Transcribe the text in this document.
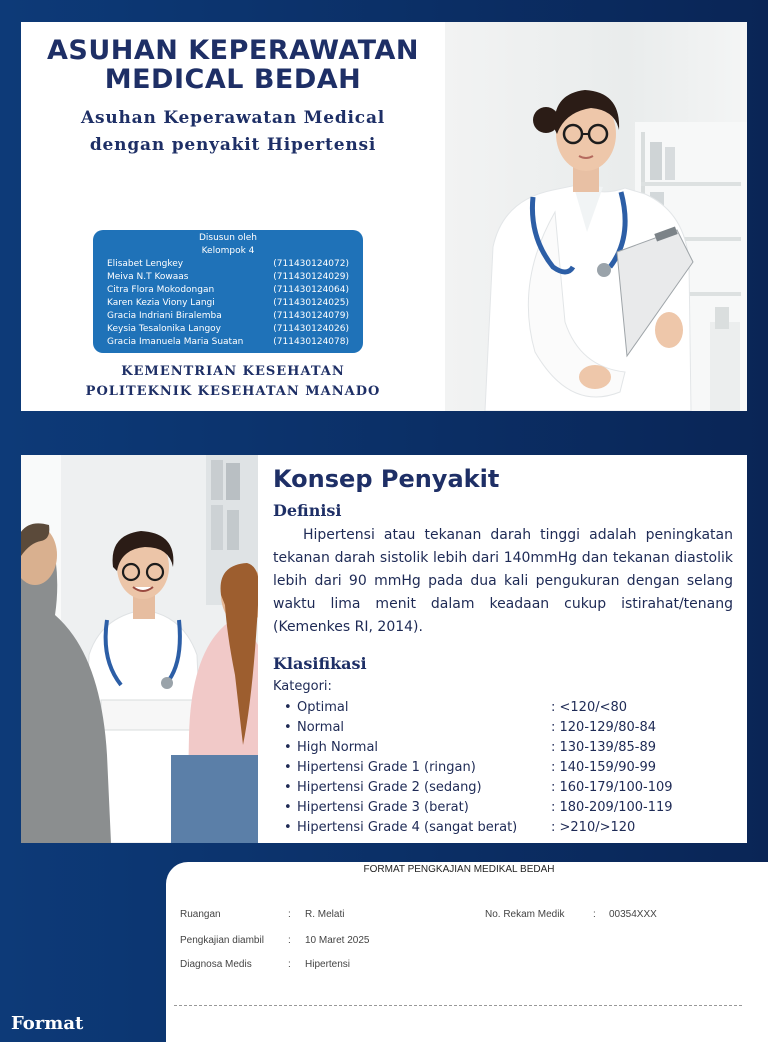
ASUHAN KEPERAWATAN
MEDICAL BEDAH

Asuhan Keperawatan Medical

dengan penyakit Hipertensi

Disusun oleh
Kelompok 4
Elisabet Lengkey	(711430124072)
Meiva N.T Kowaas	(711430124029)
Citra Flora Mokodongan	(711430124064)
Karen Kezia Viony Langi	(711430124025)
Gracia Indriani Biralemba	(711430124079)
Keysia Tesalonika Langoy	(711430124026)
Gracia Imanuela Maria Suatan	(711430124078)

KEMENTRIAN KESEHATAN

POLITEKNIK KESEHATAN MANADO

Konsep Penyakit
Definisi

Hipertensi atau tekanan darah tinggi adalah peningkatan tekanan darah sistolik lebih dari 140mmHg dan tekanan diastolik lebih dari 90 mmHg pada dua kali pengukuran dengan selang waktu lima menit dalam keadaan cukup istirahat/tenang (Kemenkes RI, 2014).

Klasifikasi
Kategori:
• Optimal	: <120/<80
• Normal	: 120-129/80-84
• High Normal	: 130-139/85-89
• Hipertensi Grade 1 (ringan)	: 140-159/90-99
• Hipertensi Grade 2 (sedang)	: 160-179/100-109
• Hipertensi Grade 3 (berat)	: 180-209/100-119
• Hipertensi Grade 4 (sangat berat)	: >210/>120

FORMAT PENGKAJIAN MEDIKAL BEDAH

Ruangan	: R. Melati	No. Rekam Medik	: 00354XXX
Pengkajian diambil : 10 Maret 2025
Diagnosa Medis	: Hipertensi
Format
